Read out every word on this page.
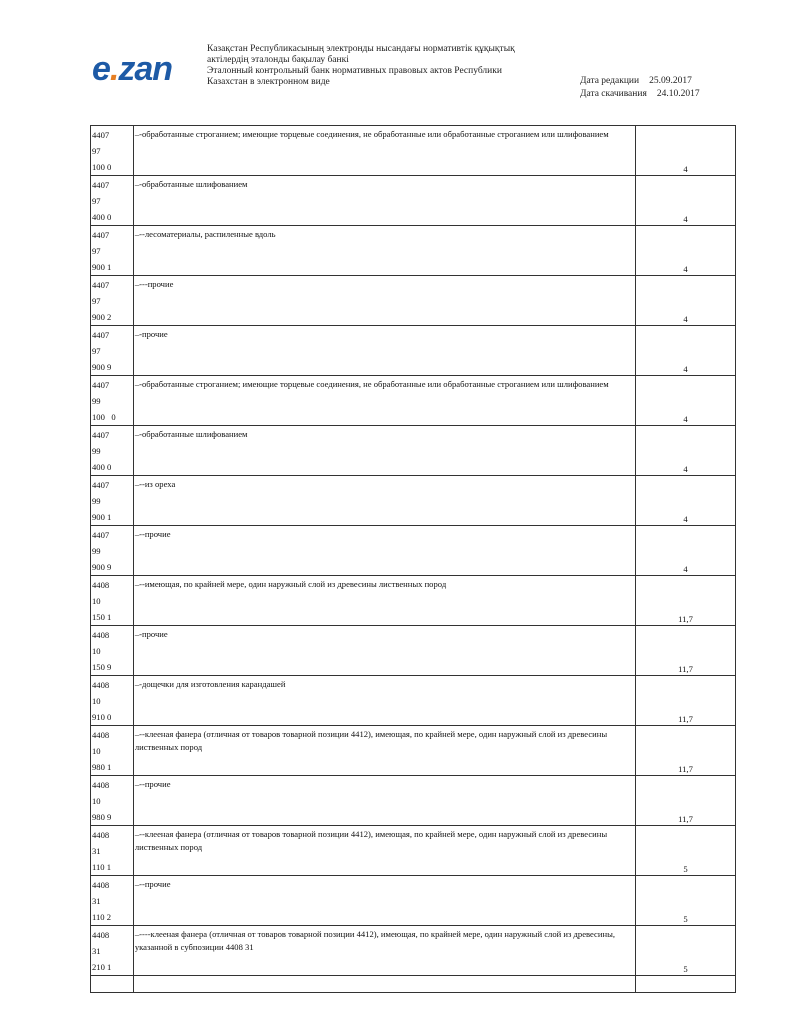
e.zan
Казақстан Республикасының электронды нысандағы нормативтік құқықтық
актілердің эталонды бақылау банкі
Эталонный контрольный банк нормативных правовых актов Республики
Казахстан в электронном виде	Дата редакции 25.09.2017
Дата скачивания 24.10.2017
4407
97
100 0	–-обработанные строганием; имеющие торцевые соединения, не обработанные или обработанные строганием или шлифованием	4

4407
97
400 0	–-обработанные шлифованием	4

4407
97
900 1	–--лесоматериалы, распиленные вдоль	4

4407
97
900 2	–---прочие	4

4407
97
900 9	–-прочие	4

4407
99
100   0	–-обработанные строганием; имеющие торцевые соединения, не обработанные или обработанные строганием или шлифованием	4

4407
99
400 0	–-обработанные шлифованием	4

4407
99
900 1	–--из ореха	4

4407
99
900 9	–--прочие	4

4408
10
150 1	–--имеющая, по крайней мере, один наружный слой из древесины лиственных пород	11,7

4408
10
150 9	–-прочие	11,7

4408
10
910 0	–-дощечки для изготовления карандашей	11,7

4408
10
980 1	–--клееная фанера (отличная от товаров товарной позиции 4412), имеющая, по крайней мере, один наружный слой из древесины лиственных пород	11,7

4408
10
980 9	–--прочие	11,7

4408
31
110 1	–--клееная фанера (отличная от товаров товарной позиции 4412), имеющая, по крайней мере, один наружный слой из древесины лиственных пород	5

4408
31
110 2	–--прочие	5

4408
31
210 1	–----клееная фанера (отличная от товаров товарной позиции 4412), имеющая, по крайней мере, один наружный слой из древесины, указанной в субпозиции 4408 31	5
